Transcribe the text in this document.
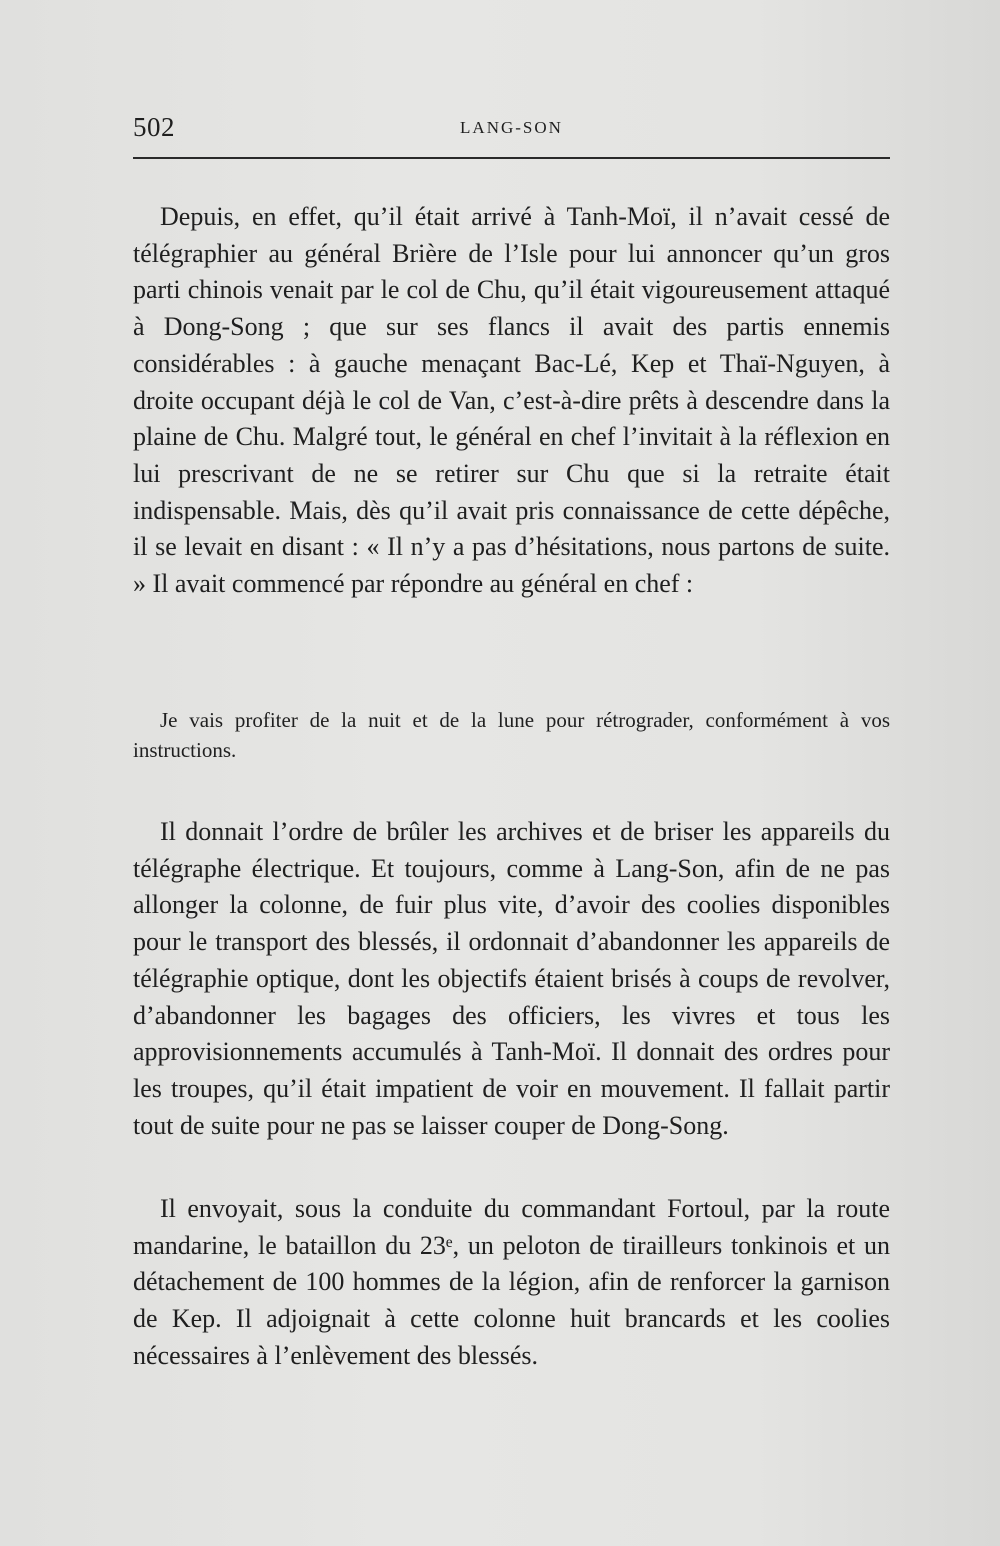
502	LANG-SON

Depuis, en effet, qu’il était arrivé à Tanh-Moï, il n’avait cessé de télégraphier au général Brière de l’Isle pour lui annoncer qu’un gros parti chinois venait par le col de Chu, qu’il était vigoureusement attaqué à Dong-Song ; que sur ses flancs il avait des partis ennemis considérables : à gauche menaçant Bac-Lé, Kep et Thaï-Nguyen, à droite occupant déjà le col de Van, c’est-à-dire prêts à descendre dans la plaine de Chu. Malgré tout, le général en chef l’invitait à la réflexion en lui prescrivant de ne se retirer sur Chu que si la retraite était indispensable. Mais, dès qu’il avait pris connaissance de cette dépêche, il se levait en disant : « Il n’y a pas d’hésitations, nous partons de suite. » Il avait commencé par répondre au général en chef :

Je vais profiter de la nuit et de la lune pour rétrograder, conformément à vos instructions.

Il donnait l’ordre de brûler les archives et de briser les appareils du télégraphe électrique. Et toujours, comme à Lang-Son, afin de ne pas allonger la colonne, de fuir plus vite, d’avoir des coolies disponibles pour le transport des blessés, il ordonnait d’abandonner les appareils de télégraphie optique, dont les objectifs étaient brisés à coups de revolver, d’abandonner les bagages des officiers, les vivres et tous les approvisionnements accumulés à Tanh-Moï. Il donnait des ordres pour les troupes, qu’il était impatient de voir en mouvement. Il fallait partir tout de suite pour ne pas se laisser couper de Dong-Song.

Il envoyait, sous la conduite du commandant Fortoul, par la route mandarine, le bataillon du 23ᵉ, un peloton de tirailleurs tonkinois et un détachement de 100 hommes de la légion, afin de renforcer la garnison de Kep. Il adjoignait à cette colonne huit brancards et les coolies nécessaires à l’enlèvement des blessés.
